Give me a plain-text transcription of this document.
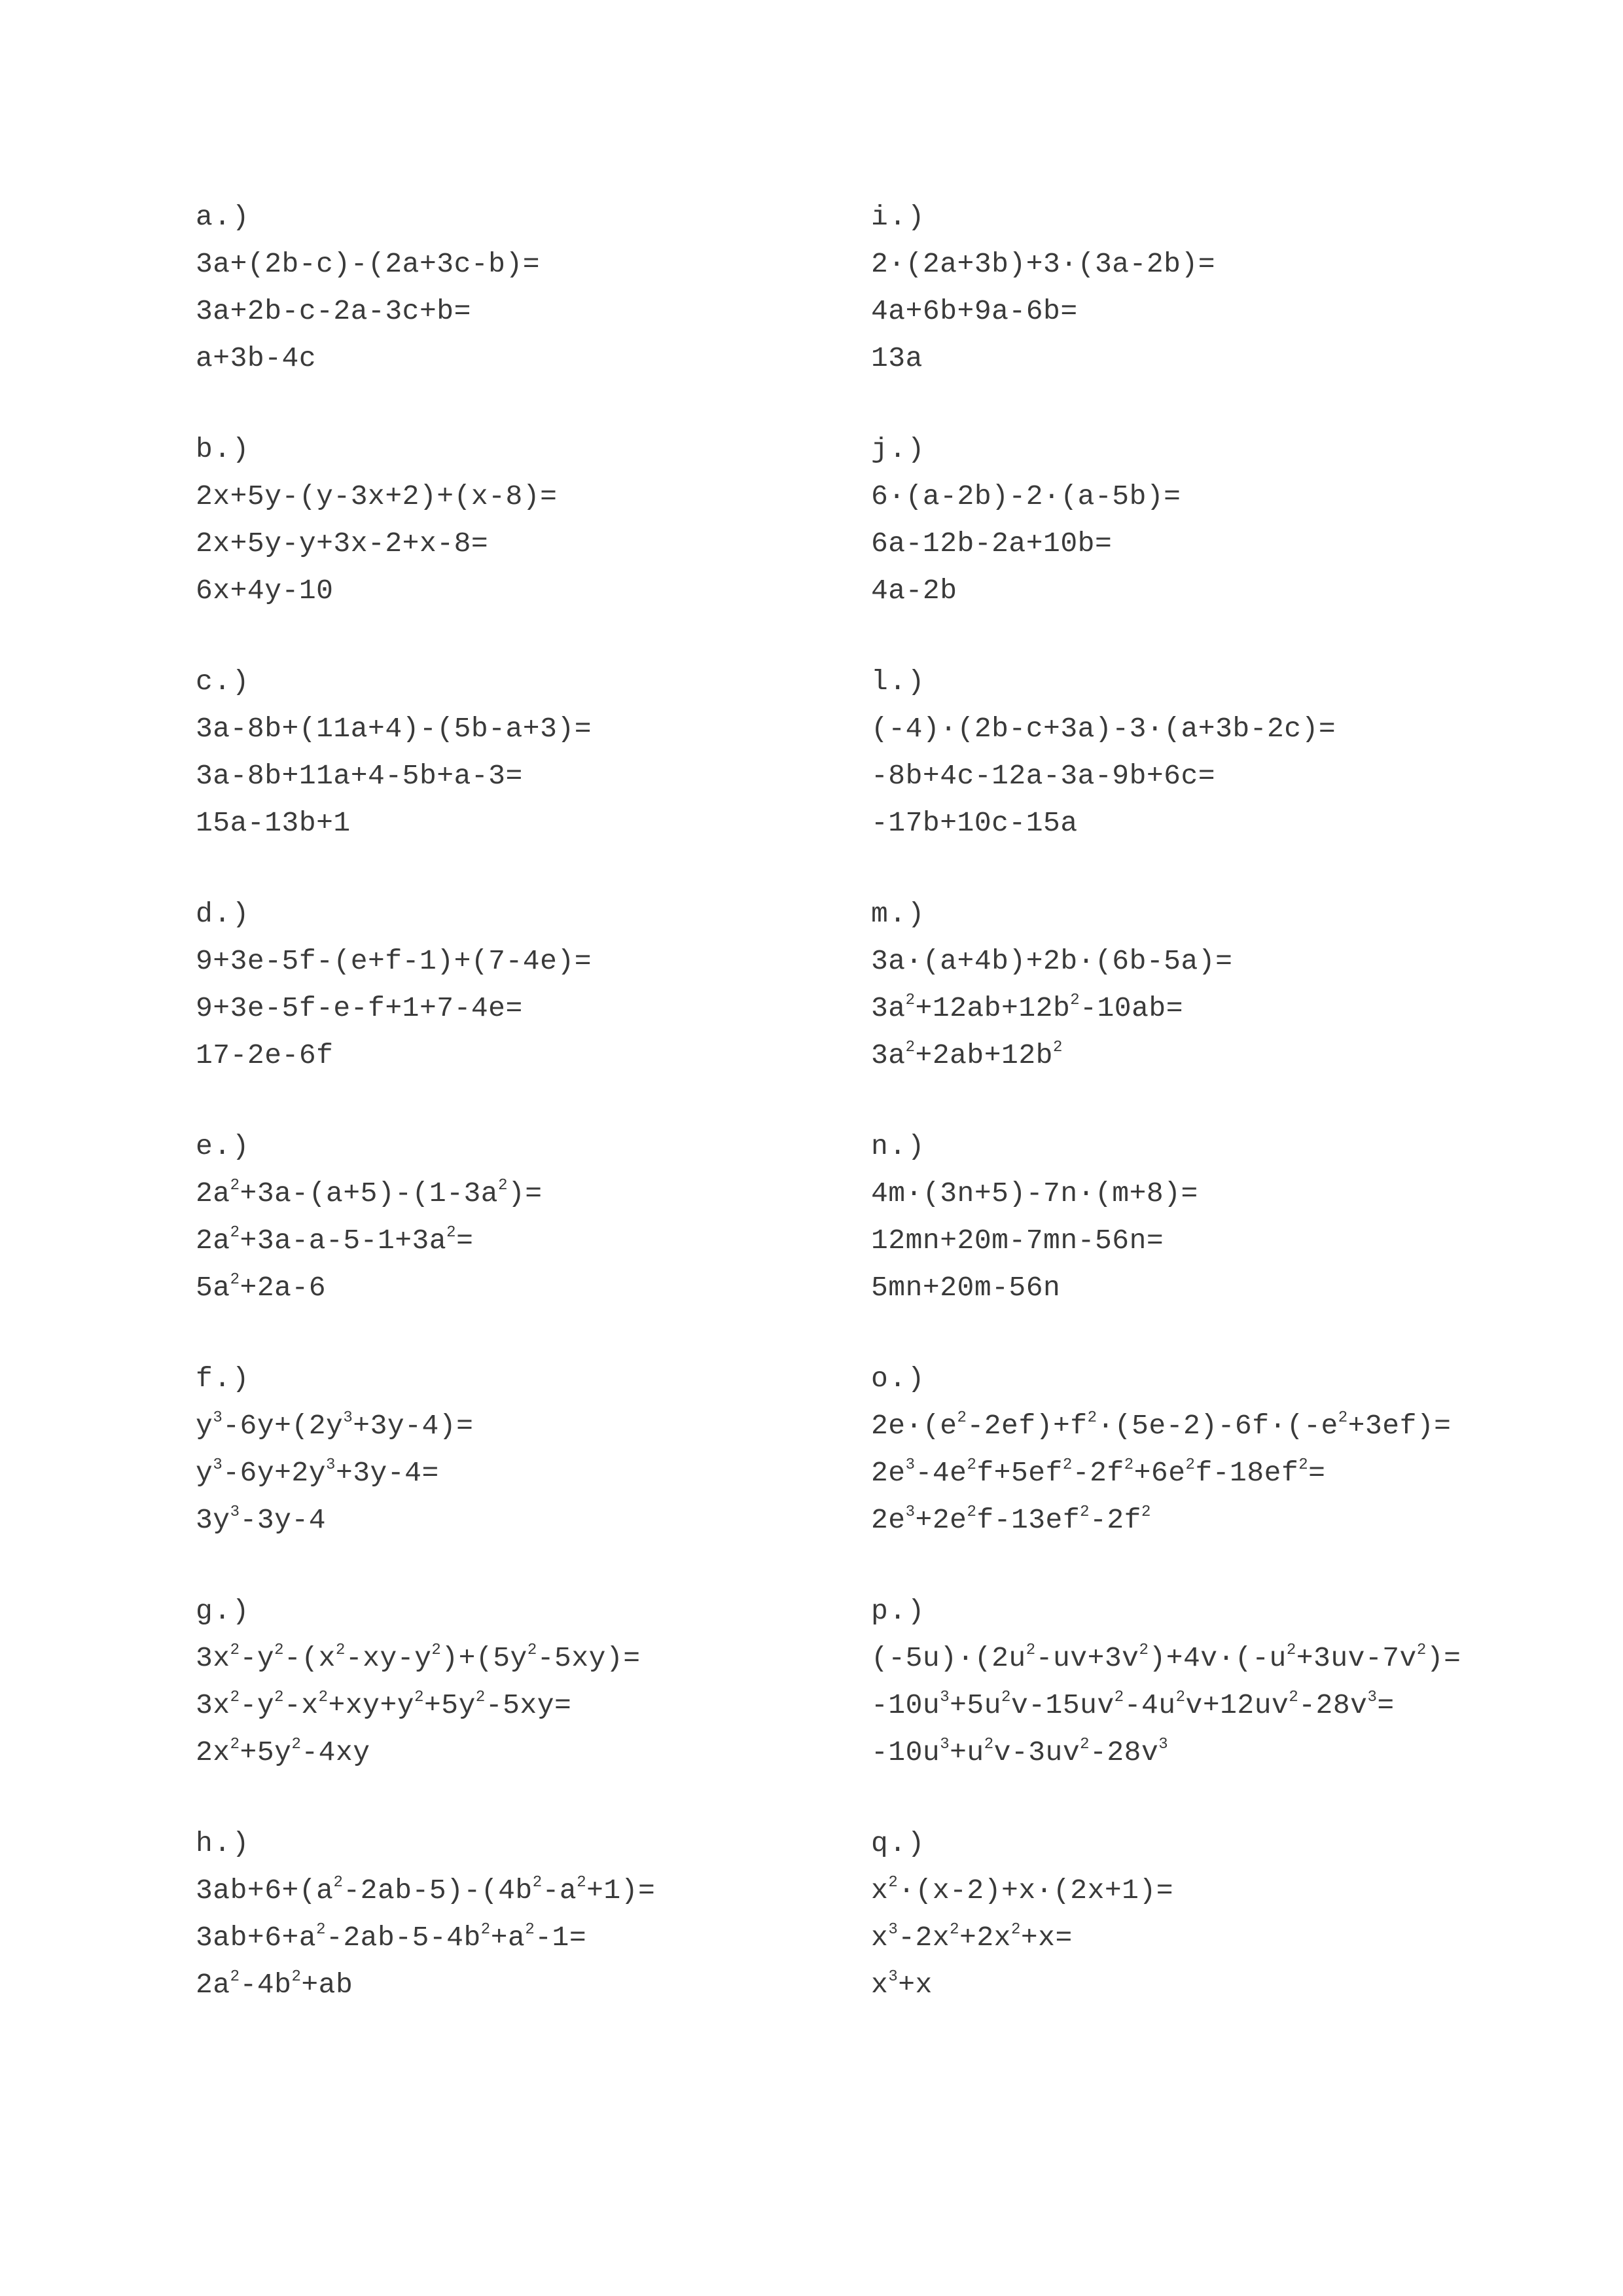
a.)
3a+(2b-c)-(2a+3c-b)=
3a+2b-c-2a-3c+b=
a+3b-4c
b.)
2x+5y-(y-3x+2)+(x-8)=
2x+5y-y+3x-2+x-8=
6x+4y-10
c.)
3a-8b+(11a+4)-(5b-a+3)=
3a-8b+11a+4-5b+a-3=
15a-13b+1
d.)
9+3e-5f-(e+f-1)+(7-4e)=
9+3e-5f-e-f+1+7-4e=
17-2e-6f
e.)
$2a^2+3a-(a+5)-(1-3a^2)=$
$2a^2+3a-a-5-1+3a^2=$
$5a^2+2a-6$
f.)
$y^3-6y+(2y^3+3y-4)=$
$y^3-6y+2y^3+3y-4=$
$3y^3-3y-4$
g.)
$3x^2-y^2-(x^2-xy-y^2)+(5y^2-5xy)=$
$3x^2-y^2-x^2+xy+y^2+5y^2-5xy=$
$2x^2+5y^2-4xy$
h.)
$3ab+6+(a^2-2ab-5)-(4b^2-a^2+1)=$
$3ab+6+a^2-2ab-5-4b^2+a^2-1=$
$2a^2-4b^2+ab$
i.)
2·(2a+3b)+3·(3a-2b)=
4a+6b+9a-6b=
13a
j.)
6·(a-2b)-2·(a-5b)=
6a-12b-2a+10b=
4a-2b
l.)
(-4)·(2b-c+3a)-3·(a+3b-2c)=
-8b+4c-12a-3a-9b+6c=
-17b+10c-15a
m.)
3a·(a+4b)+2b·(6b-5a)=
$3a^2+12ab+12b^2-10ab=$
$3a^2+2ab+12b^2$
n.)
4m·(3n+5)-7n·(m+8)=
12mn+20m-7mn-56n=
5mn+20m-56n
o.)
$2e\cdot(e^2-2ef)+f^2\cdot(5e-2)-6f\cdot(-e^2+3ef)=$
$2e^3-4e^2f+5ef^2-2f^2+6e^2f-18ef^2=$
$2e^3+2e^2f-13ef^2-2f^2$
p.)
$(-5u)\cdot(2u^2-uv+3v^2)+4v\cdot(-u^2+3uv-7v^2)=$
$-10u^3+5u^2v-15uv^2-4u^2v+12uv^2-28v^3=$
$-10u^3+u^2v-3uv^2-28v^3$
q.)
$x^2\cdot(x-2)+x\cdot(2x+1)=$
$x^3-2x^2+2x^2+x=$
$x^3+x$
